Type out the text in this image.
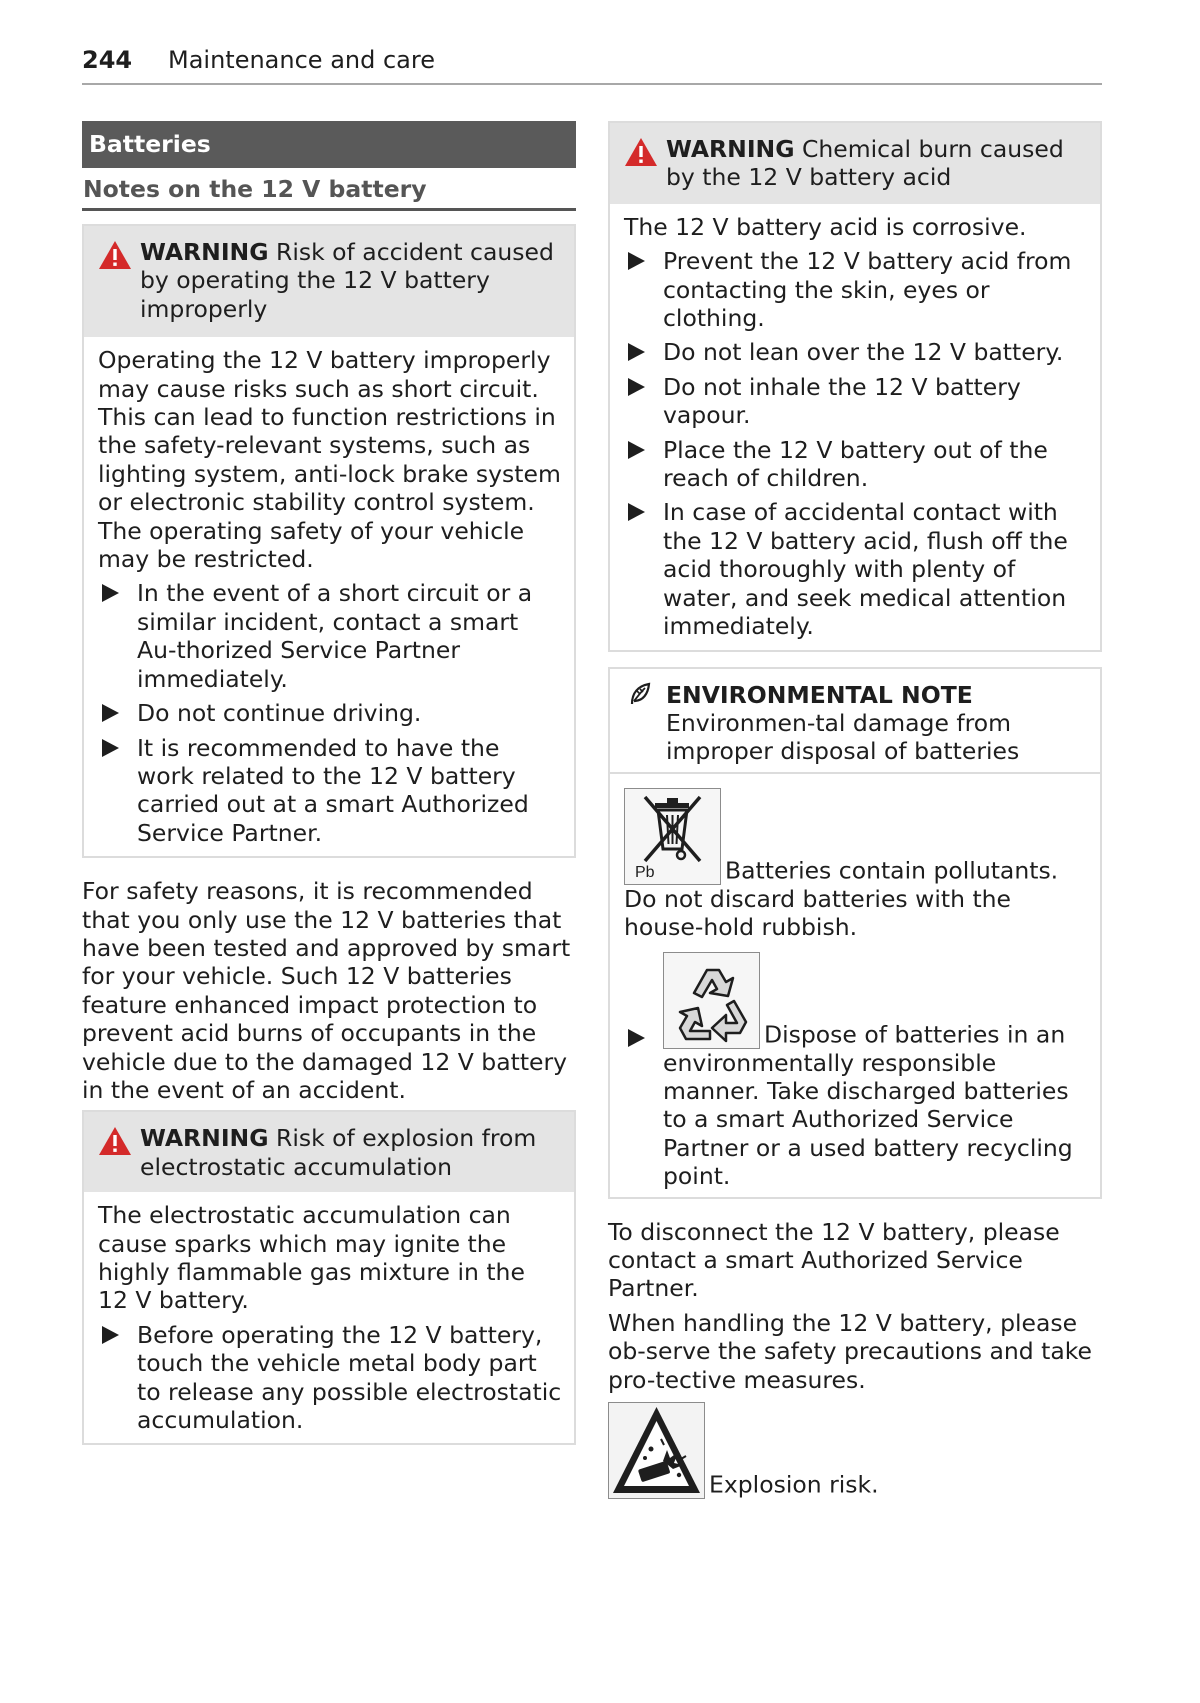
244 Maintenance and care
Batteries
Notes on the 12 V battery
WARNING Risk of accident caused by operating the 12 V battery improperly

Operating the 12 V battery improperly may cause risks such as short circuit. This can lead to function restrictions in the safety-relevant systems, such as lighting system, anti-lock brake system or electronic stability control system. The operating safety of your vehicle may be restricted.

In the event of a short circuit or a similar incident, contact a smart Au-thorized Service Partner immediately.
Do not continue driving.
It is recommended to have the work related to the 12 V battery carried out at a smart Authorized Service Partner.

For safety reasons, it is recommended that you only use the 12 V batteries that have been tested and approved by smart for your vehicle. Such 12 V batteries feature enhanced impact protection to prevent acid burns of occupants in the vehicle due to the damaged 12 V battery in the event of an accident.

WARNING Risk of explosion from electrostatic accumulation

The electrostatic accumulation can cause sparks which may ignite the highly flammable gas mixture in the 12 V battery.

Before operating the 12 V battery, touch the vehicle metal body part to release any possible electrostatic accumulation.
WARNING Chemical burn caused by the 12 V battery acid

The 12 V battery acid is corrosive.

Prevent the 12 V battery acid from contacting the skin, eyes or clothing.
Do not lean over the 12 V battery.
Do not inhale the 12 V battery vapour.
Place the 12 V battery out of the reach of children.
In case of accidental contact with the 12 V battery acid, flush off the acid thoroughly with plenty of water, and seek medical attention immediately.
ENVIRONMENTAL NOTE Environmen-tal damage from improper disposal of batteries
Pb	Batteries contain pollutants. Do not discard batteries with the house-hold rubbish.
Dispose of batteries in an environmentally responsible manner. Take discharged batteries to a smart Authorized Service Partner or a used battery recycling point.

To disconnect the 12 V battery, please contact a smart Authorized Service Partner.

When handling the 12 V battery, please ob-serve the safety precautions and take pro-tective measures.

Explosion risk.
